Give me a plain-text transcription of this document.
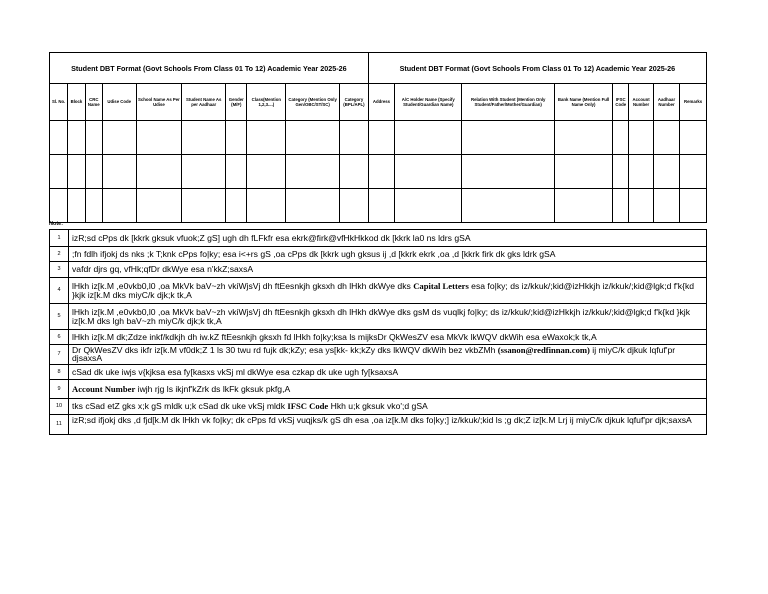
Student DBT Format (Govt Schools From Class 01 To 12) Academic Year 2025-26										Student DBT Format (Govt Schools From Class 01 To 12) Academic Year 2025-26							
Sl. No.	Block	CRC Name	Udise Code	School Name As Per Udise	Student Name As per Aadhaar	Gender (M/F)	Class(Mention 1,2,3....)	Category (Mention Only Gen/OBC/ST/SC)	Category (BPL/APL)	Address	A/C Holder Name (Specify Student/Guardian Name)	Relation With Student (Mention Only Student/Father/Mother/Guardian)	Bank Name (Mention Full Name Only)	IFSC Code	Account Number	Aadhaar Number	Remarks

Note:
1	izR;sd cPps dk [kkrk gksuk vfuok;Z gS] ugh dh fLFkfr esa ekrk@firk@vfHkHkkod dk [kkrk la0 ns ldrs gSA
2	;fn fdlh ifjokj ds nks ;k T;knk cPps fo|ky; esa i<+rs gS ,oa cPps dk [kkrk ugh gksus ij ,d [kkrk ekrk ,oa ,d [kkrk firk dk gks ldrk gSA
3	vafdr djrs gq, vfHk;qfDr dkWye esa n'kkZ;saxsA
4	lHkh iz[k.M ,e0vkb0,l0 ,oa MkVk baV~zh vkiWjsVj dh ftEesnkjh gksxh dh lHkh dkWye dks Capital Letters esa fo|ky; ds iz/kkuk/;kid@izHkkjh iz/kkuk/;kid@lgk;d f'k{kd }kjk iz[k.M dks miyC/k djk;k tk,A
5	lHkh iz[k.M ,e0vkb0,l0 ,oa MkVk baV~zh vkiWjsVj dh ftEesnkjh gksxh dh lHkh dkWye dks gsM ds vuqlkj fo|ky; ds iz/kkuk/;kid@izHkkjh iz/kkuk/;kid@lgk;d f'k{kd }kjk iz[k.M dks lgh baV~zh miyC/k djk;k tk,A
6	lHkh iz[k.M dk;Zdze inkf/kdkjh dh iw.kZ ftEesnkjh gksxh fd lHkh fo|ky;ksa ls mijksDr QkWesZV esa MkVk lkWQV dkWih esa eWaxok;k tk,A
7	Dr QkWesZV dks ikfr iz[k.M vf0dk;Z 1 ls 30 twu rd fujk dk;kZy; esa ys[kk- kk;kZy dks lkWQV dkWih bez vkbZMh (ssanon@redfinnan.com) ij miyC/k djkuk lqfuf'pr djsaxsA

8	cSad dk uke iwjs v{kjksa esa fy[kasxs vkSj ml dkWye esa czkap dk uke ugh fy[ksaxsA
9	Account Number iwjh rjg ls ikjnf'kZrk ds lkFk gksuk pkfg,A
10	tks cSad etZ gks x;k gS mldk u;k cSad dk uke vkSj mldk IFSC Code Hkh u;k gksuk vko';d gSA
11	izR;sd ifjokj dks ,d fjd[k.M dk lHkh vk fo|ky; dk cPps fd vkSj vuqjks/k gS dh esa ,oa iz[k.M dks fo|ky;] iz/kkuk/;kid ls ;g dk;Z iz[k.M Lrj ij miyC/k djkuk lqfuf'pr djk;saxsA
